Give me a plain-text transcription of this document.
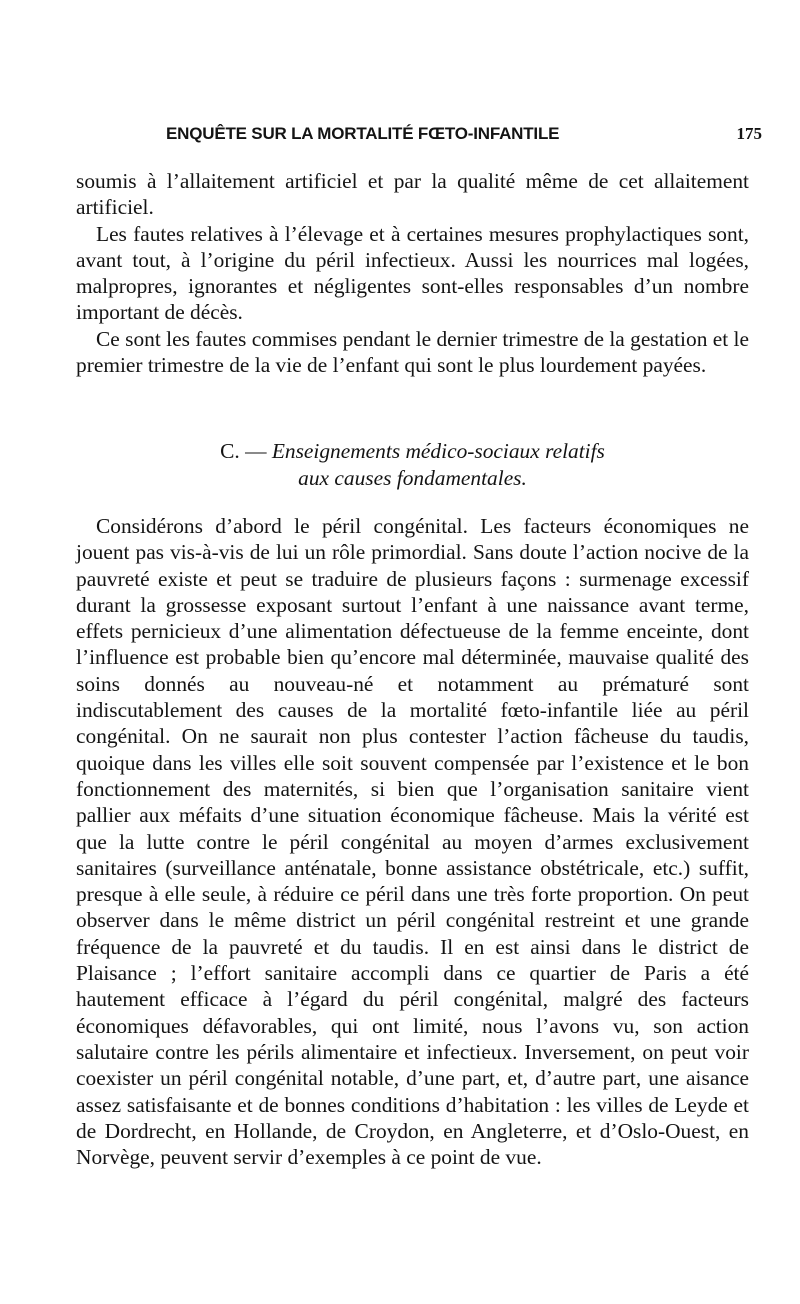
ENQUÊTE SUR LA MORTALITÉ FŒTO-INFANTILE	175

soumis à l’allaitement artificiel et par la qualité même de cet allaitement artificiel.

Les fautes relatives à l’élevage et à certaines mesures prophylactiques sont, avant tout, à l’origine du péril infectieux. Aussi les nourrices mal logées, malpropres, ignorantes et négligentes sont-elles responsables d’un nombre important de décès.

Ce sont les fautes commises pendant le dernier trimestre de la gestation et le premier trimestre de la vie de l’enfant qui sont le plus lourdement payées.

C. — Enseignements médico-sociaux relatifs
aux causes fondamentales.

Considérons d’abord le péril congénital. Les facteurs économiques ne jouent pas vis-à-vis de lui un rôle primordial. Sans doute l’action nocive de la pauvreté existe et peut se traduire de plusieurs façons : surmenage excessif durant la grossesse exposant surtout l’enfant à une naissance avant terme, effets pernicieux d’une alimentation défectueuse de la femme enceinte, dont l’influence est probable bien qu’encore mal déterminée, mauvaise qualité des soins donnés au nouveau-né et notamment au prématuré sont indiscutablement des causes de la mortalité fœto-infantile liée au péril congénital. On ne saurait non plus contester l’action fâcheuse du taudis, quoique dans les villes elle soit souvent compensée par l’existence et le bon fonctionnement des maternités, si bien que l’organisation sanitaire vient pallier aux méfaits d’une situation économique fâcheuse. Mais la vérité est que la lutte contre le péril congénital au moyen d’armes exclusivement sanitaires (surveillance anténatale, bonne assistance obstétricale, etc.) suffit, presque à elle seule, à réduire ce péril dans une très forte proportion. On peut observer dans le même district un péril congénital restreint et une grande fréquence de la pauvreté et du taudis. Il en est ainsi dans le district de Plaisance ; l’effort sanitaire accompli dans ce quartier de Paris a été hautement efficace à l’égard du péril congénital, malgré des facteurs économiques défavorables, qui ont limité, nous l’avons vu, son action salutaire contre les périls alimentaire et infectieux. Inversement, on peut voir coexister un péril congénital notable, d’une part, et, d’autre part, une aisance assez satisfaisante et de bonnes conditions d’habitation : les villes de Leyde et de Dordrecht, en Hollande, de Croydon, en Angleterre, et d’Oslo-Ouest, en Norvège, peuvent servir d’exemples à ce point de vue.
